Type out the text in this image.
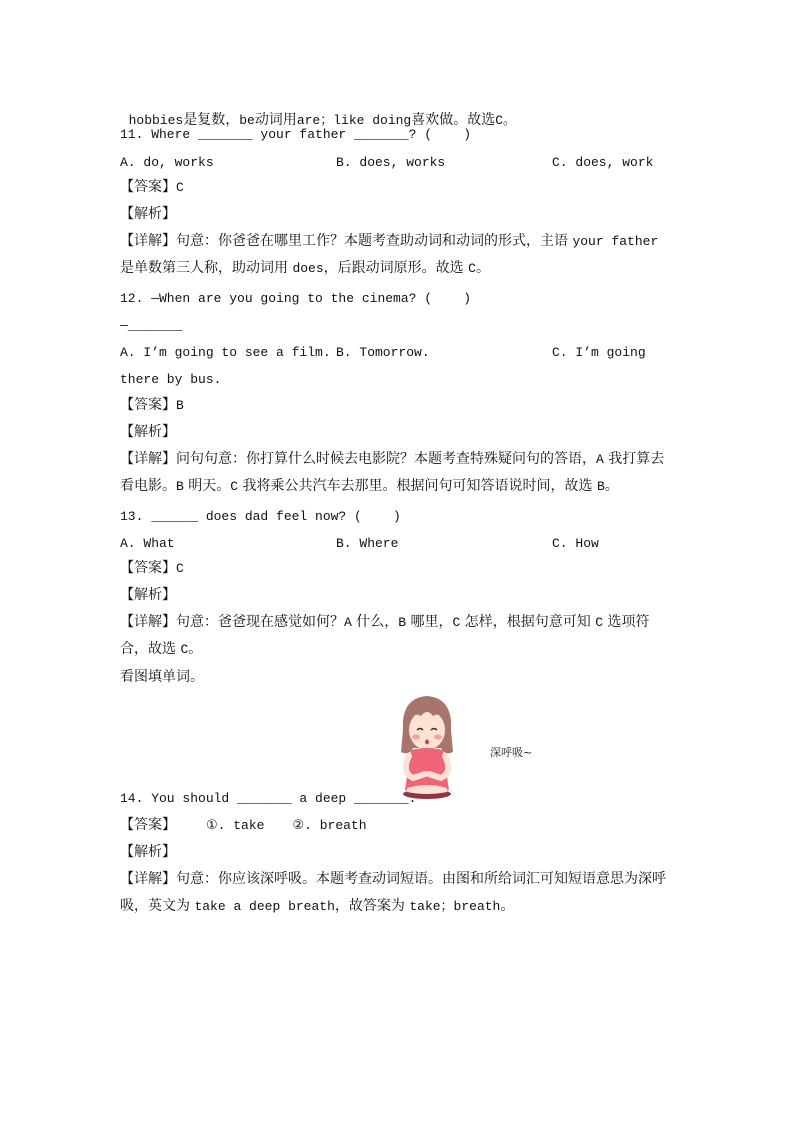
hobbies是复数，be动词用are；like doing喜欢做。故选C。

11. Where _______ your father _______? (    )
A. do, works	B. does, works	C. does, work
【答案】C
【解析】
【详解】句意：你爸爸在哪里工作？本题考查助动词和动词的形式，主语 your father 是单数第三人称，助动词用 does，后跟动词原形。故选 C。
12. —When are you going to the cinema? (    )
—_______
A. I’m going to see a film. B. Tomorrow.	C. I’m going
there by bus.
【答案】B
【解析】
【详解】问句句意：你打算什么时候去电影院？本题考查特殊疑问句的答语，A 我打算去看电影。B 明天。C 我将乘公共汽车去那里。根据问句可知答语说时间，故选 B。
13. ______ does dad feel now? (    )
A. What	B. Where	C. How
【答案】C
【解析】
【详解】句意：爸爸现在感觉如何？A 什么，B 哪里，C 怎样，根据句意可知 C 选项符合，故选 C。
看图填单词。
深呼吸~
14. You should _______ a deep _______.
【答案】 ①. take ②. breath
【解析】
【详解】句意：你应该深呼吸。本题考查动词短语。由图和所给词汇可知短语意思为深呼吸，英文为 take a deep breath，故答案为 take；breath。
